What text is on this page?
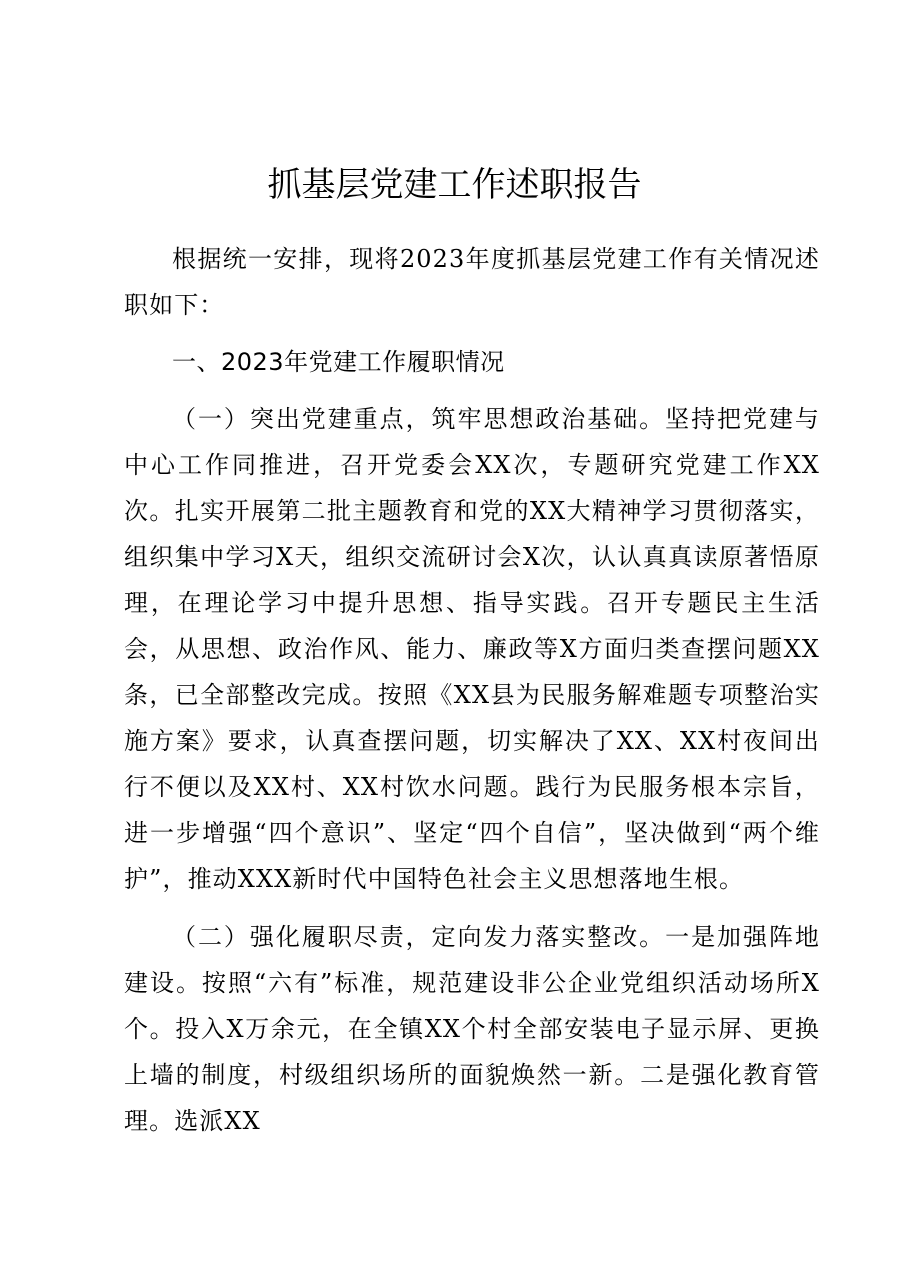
抓基层党建工作述职报告

根据统一安排，现将2023年度抓基层党建工作有关情况述职如下：

一、2023年党建工作履职情况

（一）突出党建重点，筑牢思想政治基础。坚持把党建与中心工作同推进，召开党委会XX次，专题研究党建工作XX次。扎实开展第二批主题教育和党的XX大精神学习贯彻落实，组织集中学习X天，组织交流研讨会X次，认认真真读原著悟原理，在理论学习中提升思想、指导实践。召开专题民主生活会，从思想、政治作风、能力、廉政等X方面归类查摆问题XX条，已全部整改完成。按照《XX县为民服务解难题专项整治实施方案》要求，认真查摆问题，切实解决了XX、XX村夜间出行不便以及XX村、XX村饮水问题。践行为民服务根本宗旨，进一步增强“四个意识”、坚定“四个自信”，坚决做到“两个维护”，推动XXX新时代中国特色社会主义思想落地生根。

（二）强化履职尽责，定向发力落实整改。一是加强阵地建设。按照“六有”标准，规范建设非公企业党组织活动场所X个。投入X万余元，在全镇XX个村全部安装电子显示屏、更换上墙的制度，村级组织场所的面貌焕然一新。二是强化教育管理。选派XX
